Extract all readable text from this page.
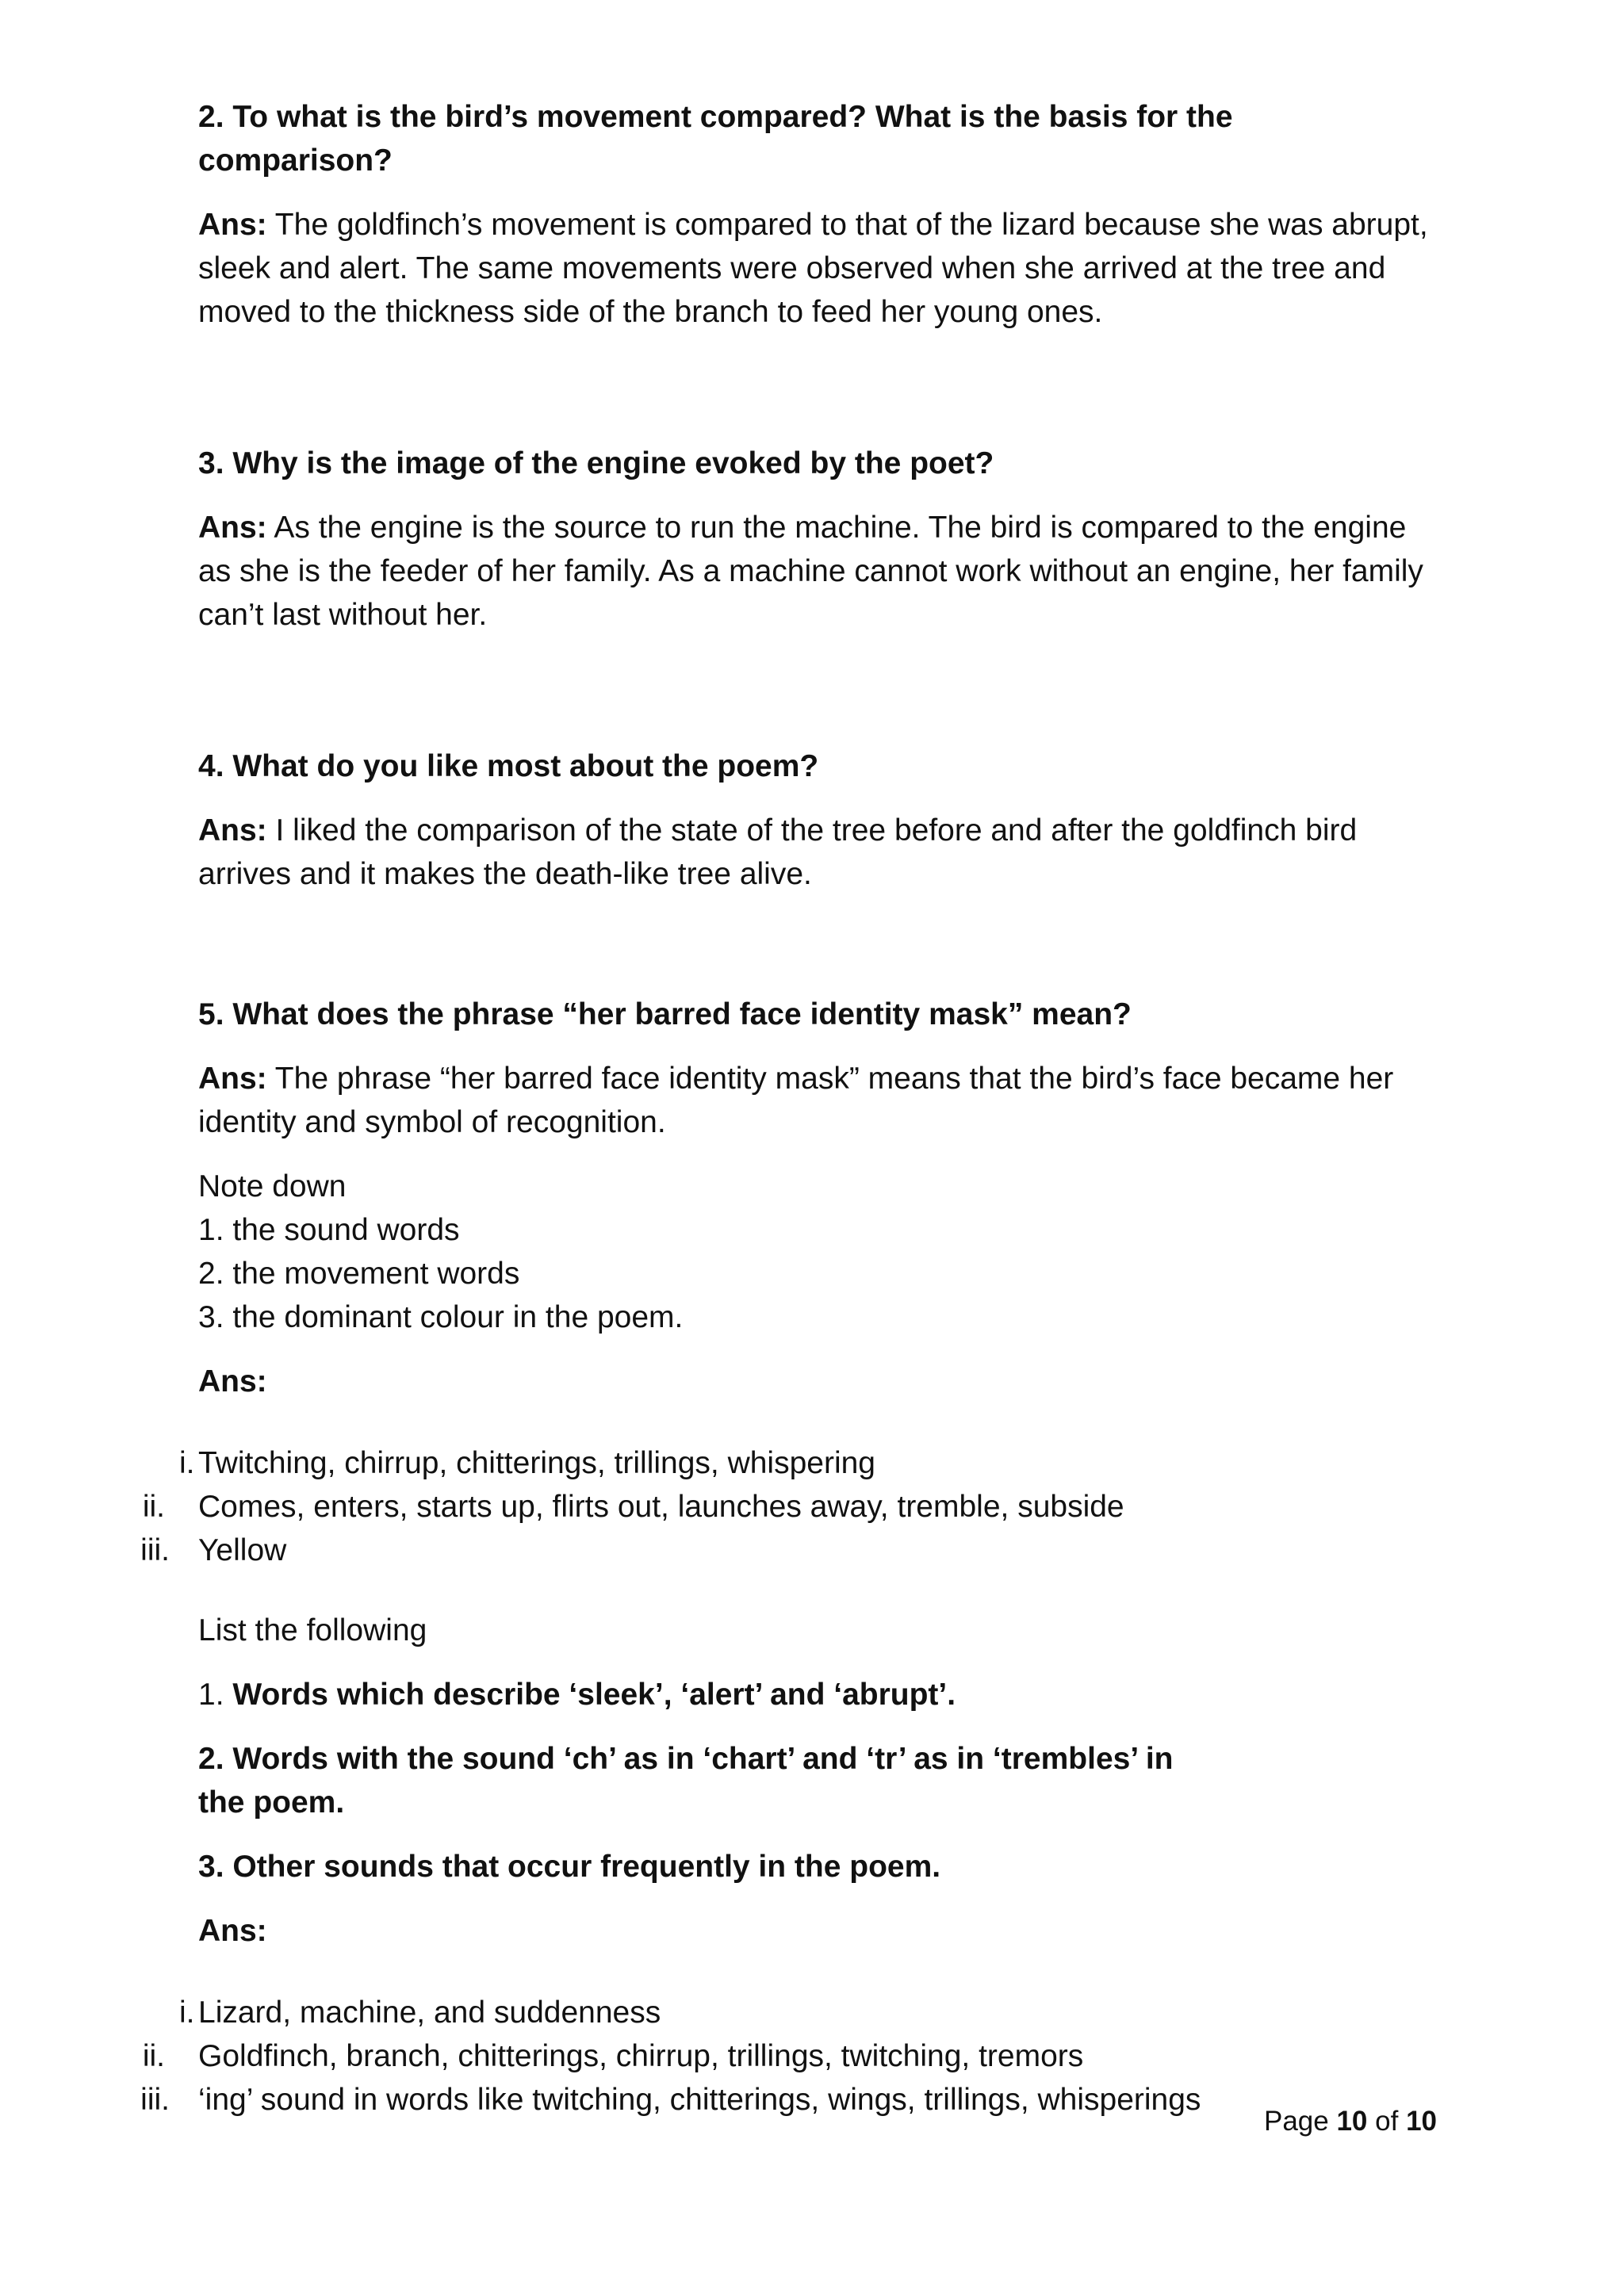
2. To what is the bird’s movement compared? What is the basis for the comparison?
Ans: The goldfinch’s movement is compared to that of the lizard because she was abrupt, sleek and alert. The same movements were observed when she arrived at the tree and moved to the thickness side of the branch to feed her young ones.
3. Why is the image of the engine evoked by the poet?
Ans: As the engine is the source to run the machine. The bird is compared to the engine as she is the feeder of her family. As a machine cannot work without an engine, her family can’t last without her.
4. What do you like most about the poem?
Ans: I liked the comparison of the state of the tree before and after the goldfinch bird arrives and it makes the death-like tree alive.
5. What does the phrase “her barred face identity mask” mean?
Ans: The phrase “her barred face identity mask” means that the bird’s face became her identity and symbol of recognition.
Note down
1. the sound words
2. the movement words
3. the dominant colour in the poem.
Ans:
i. Twitching, chirrup, chitterings, trillings, whispering
ii. Comes, enters, starts up, flirts out, launches away, tremble, subside
iii. Yellow
List the following
1. Words which describe ‘sleek’, ‘alert’ and ‘abrupt’.
2. Words with the sound ‘ch’ as in ‘chart’ and ‘tr’ as in ‘trembles’ in the poem.
3. Other sounds that occur frequently in the poem.
Ans:
i. Lizard, machine, and suddenness
ii. Goldfinch, branch, chitterings, chirrup, trillings, twitching, tremors
iii. ‘ing’ sound in words like twitching, chitterings, wings, trillings, whisperings
Page 10 of 10
